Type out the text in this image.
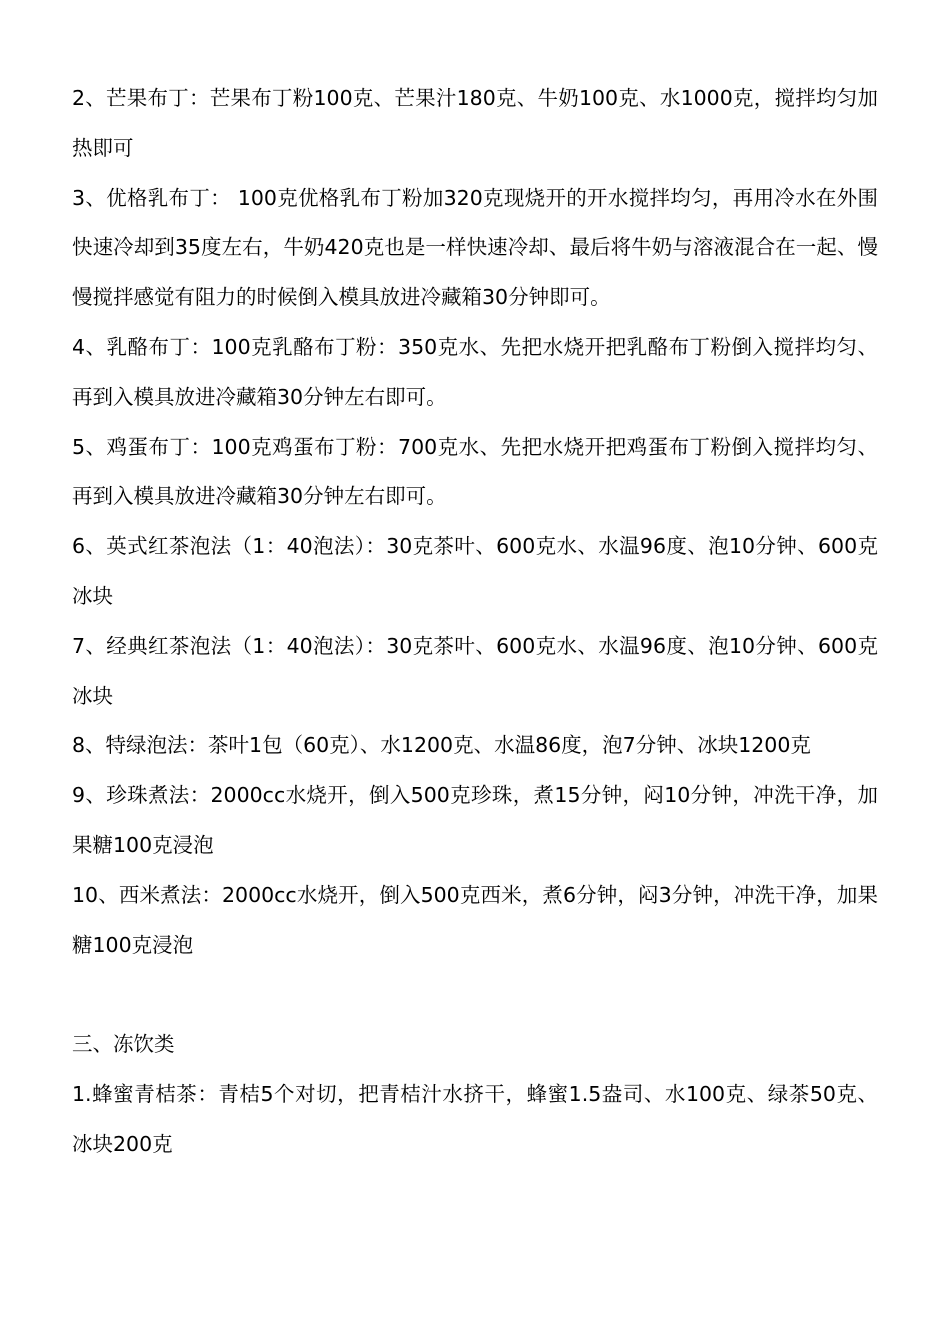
2、芒果布丁：芒果布丁粉100克、芒果汁180克、牛奶100克、水1000克，搅拌均匀加热即可

3、优格乳布丁： 100克优格乳布丁粉加320克现烧开的开水搅拌均匀，再用冷水在外围快速冷却到35度左右，牛奶420克也是一样快速冷却、最后将牛奶与溶液混合在一起、慢慢搅拌感觉有阻力的时候倒入模具放进冷藏箱30分钟即可。

4、乳酪布丁：100克乳酪布丁粉：350克水、先把水烧开把乳酪布丁粉倒入搅拌均匀、再到入模具放进冷藏箱30分钟左右即可。

5、鸡蛋布丁：100克鸡蛋布丁粉：700克水、先把水烧开把鸡蛋布丁粉倒入搅拌均匀、再到入模具放进冷藏箱30分钟左右即可。

6、英式红茶泡法（1：40泡法）：30克茶叶、600克水、水温96度、泡10分钟、600克冰块

7、经典红茶泡法（1：40泡法）：30克茶叶、600克水、水温96度、泡10分钟、600克冰块

8、特绿泡法：茶叶1包（60克）、水1200克、水温86度，泡7分钟、冰块1200克

9、珍珠煮法：2000cc水烧开，倒入500克珍珠，煮15分钟，闷10分钟，冲洗干净，加果糖100克浸泡

10、西米煮法：2000cc水烧开，倒入500克西米，煮6分钟，闷3分钟，冲洗干净，加果糖100克浸泡

三、冻饮类

1.蜂蜜青桔茶：青桔5个对切，把青桔汁水挤干，蜂蜜1.5盎司、水100克、绿茶50克、冰块200克
